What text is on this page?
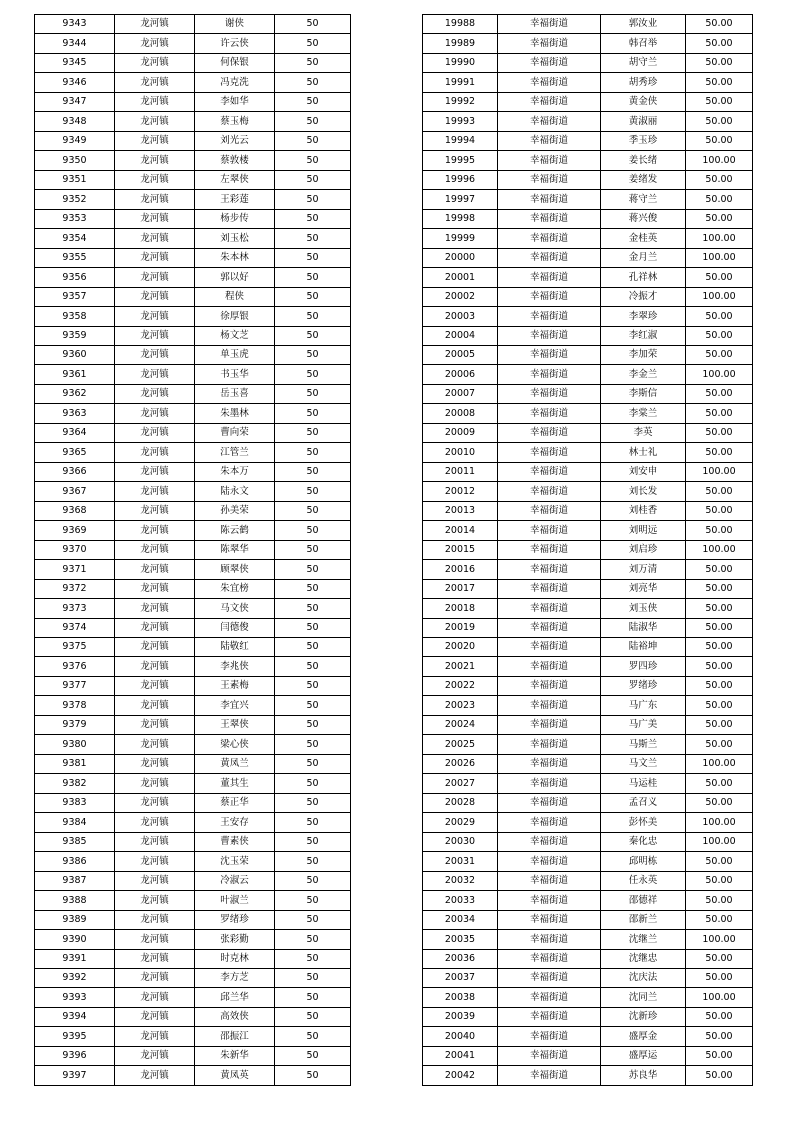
9343	龙河镇	谢侠	50
9344	龙河镇	许云侠	50
9345	龙河镇	何保银	50
9346	龙河镇	冯克洗	50
9347	龙河镇	李如华	50
9348	龙河镇	蔡玉梅	50
9349	龙河镇	刘光云	50
9350	龙河镇	蔡敦楼	50
9351	龙河镇	左翠侠	50
9352	龙河镇	王彩莲	50
9353	龙河镇	杨步传	50
9354	龙河镇	刘玉松	50
9355	龙河镇	朱本林	50
9356	龙河镇	郭以好	50
9357	龙河镇	程侠	50
9358	龙河镇	徐厚银	50
9359	龙河镇	杨文芝	50
9360	龙河镇	单玉虎	50
9361	龙河镇	书玉华	50
9362	龙河镇	岳玉喜	50
9363	龙河镇	朱墨林	50
9364	龙河镇	曹向荣	50
9365	龙河镇	江管兰	50
9366	龙河镇	朱本万	50
9367	龙河镇	陆永文	50
9368	龙河镇	孙美荣	50
9369	龙河镇	陈云鹤	50
9370	龙河镇	陈翠华	50
9371	龙河镇	顾翠侠	50
9372	龙河镇	朱宜榜	50
9373	龙河镇	马文侠	50
9374	龙河镇	闫德俊	50
9375	龙河镇	陆敬红	50
9376	龙河镇	李兆侠	50
9377	龙河镇	王素梅	50
9378	龙河镇	李宜兴	50
9379	龙河镇	王翠侠	50
9380	龙河镇	梁心侠	50
9381	龙河镇	黄凤兰	50
9382	龙河镇	董其生	50
9383	龙河镇	蔡正华	50
9384	龙河镇	王安存	50
9385	龙河镇	曹素侠	50
9386	龙河镇	沈玉荣	50
9387	龙河镇	冷淑云	50
9388	龙河镇	叶淑兰	50
9389	龙河镇	罗绪珍	50
9390	龙河镇	张彩勤	50
9391	龙河镇	时克林	50
9392	龙河镇	李方芝	50
9393	龙河镇	邱兰华	50
9394	龙河镇	高效侠	50
9395	龙河镇	邵振江	50
9396	龙河镇	朱新华	50
9397	龙河镇	黄凤英	50
19988	幸福街道	郭汝业	50.00
19989	幸福街道	韩召举	50.00
19990	幸福街道	胡守兰	50.00
19991	幸福街道	胡秀珍	50.00
19992	幸福街道	黄金侠	50.00
19993	幸福街道	黄淑丽	50.00
19994	幸福街道	季玉珍	50.00
19995	幸福街道	姜长绪	100.00
19996	幸福街道	姜绪发	50.00
19997	幸福街道	蒋守兰	50.00
19998	幸福街道	蒋兴俊	50.00
19999	幸福街道	金桂英	100.00
20000	幸福街道	金月兰	100.00
20001	幸福街道	孔祥林	50.00
20002	幸福街道	冷振才	100.00
20003	幸福街道	李翠珍	50.00
20004	幸福街道	李红淑	50.00
20005	幸福街道	李加荣	50.00
20006	幸福街道	李金兰	100.00
20007	幸福街道	李斯信	50.00
20008	幸福街道	李棠兰	50.00
20009	幸福街道	李英	50.00
20010	幸福街道	林士礼	50.00
20011	幸福街道	刘安申	100.00
20012	幸福街道	刘长发	50.00
20013	幸福街道	刘桂香	50.00
20014	幸福街道	刘明远	50.00
20015	幸福街道	刘启珍	100.00
20016	幸福街道	刘万清	50.00
20017	幸福街道	刘亮华	50.00
20018	幸福街道	刘玉侠	50.00
20019	幸福街道	陆淑华	50.00
20020	幸福街道	陆裕坤	50.00
20021	幸福街道	罗四珍	50.00
20022	幸福街道	罗绪珍	50.00
20023	幸福街道	马广东	50.00
20024	幸福街道	马广美	50.00
20025	幸福街道	马斯兰	50.00
20026	幸福街道	马文兰	100.00
20027	幸福街道	马运桂	50.00
20028	幸福街道	孟召义	50.00
20029	幸福街道	彭怀美	100.00
20030	幸福街道	秦化忠	100.00
20031	幸福街道	邱明栋	50.00
20032	幸福街道	任永英	50.00
20033	幸福街道	邵德祥	50.00
20034	幸福街道	邵新兰	50.00
20035	幸福街道	沈继兰	100.00
20036	幸福街道	沈继忠	50.00
20037	幸福街道	沈庆法	50.00
20038	幸福街道	沈同兰	100.00
20039	幸福街道	沈新珍	50.00
20040	幸福街道	盛厚金	50.00
20041	幸福街道	盛厚运	50.00
20042	幸福街道	苏良华	50.00
